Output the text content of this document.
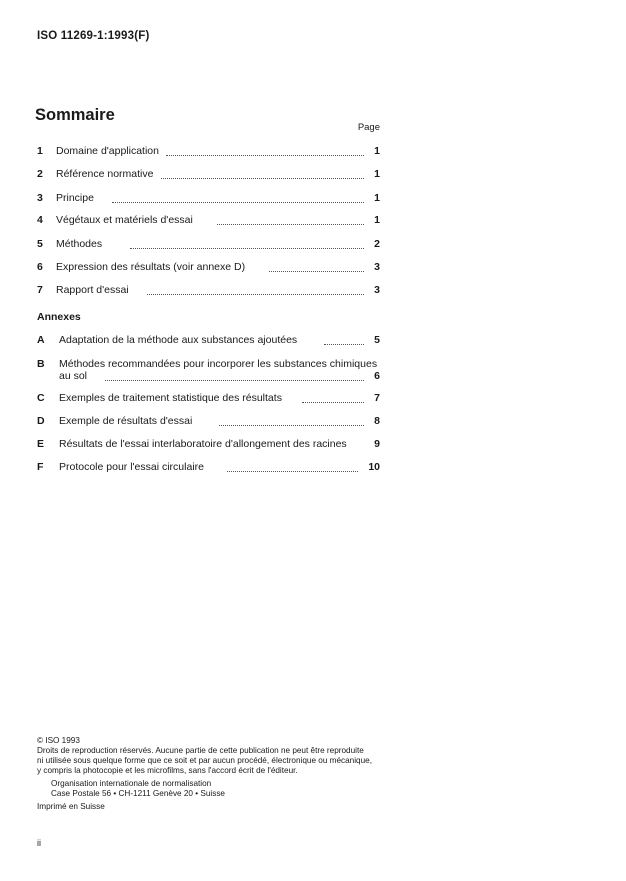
ISO 11269-1:1993(F)
Sommaire
Page
1 Domaine d'application	1
2 Référence normative	1
3 Principe	1
4 Végétaux et matériels d'essai	1
5 Méthodes	2
6 Expression des résultats (voir annexe D)	3
7 Rapport d'essai	3
Annexes
A Adaptation de la méthode aux substances ajoutées	5
B Méthodes recommandées pour incorporer les substances chimiques
au sol	6
C Exemples de traitement statistique des résultats	7
D Exemple de résultats d'essai	8
E Résultats de l'essai interlaboratoire d'allongement des racines	9
F Protocole pour l'essai circulaire	10
© ISO 1993
Droits de reproduction réservés. Aucune partie de cette publication ne peut être reproduite
ni utilisée sous quelque forme que ce soit et par aucun procédé, électronique ou mécanique,
y compris la photocopie et les microfilms, sans l'accord écrit de l'éditeur.
Organisation internationale de normalisation
Case Postale 56 • CH-1211 Genève 20 • Suisse
Imprimé en Suisse
ii
